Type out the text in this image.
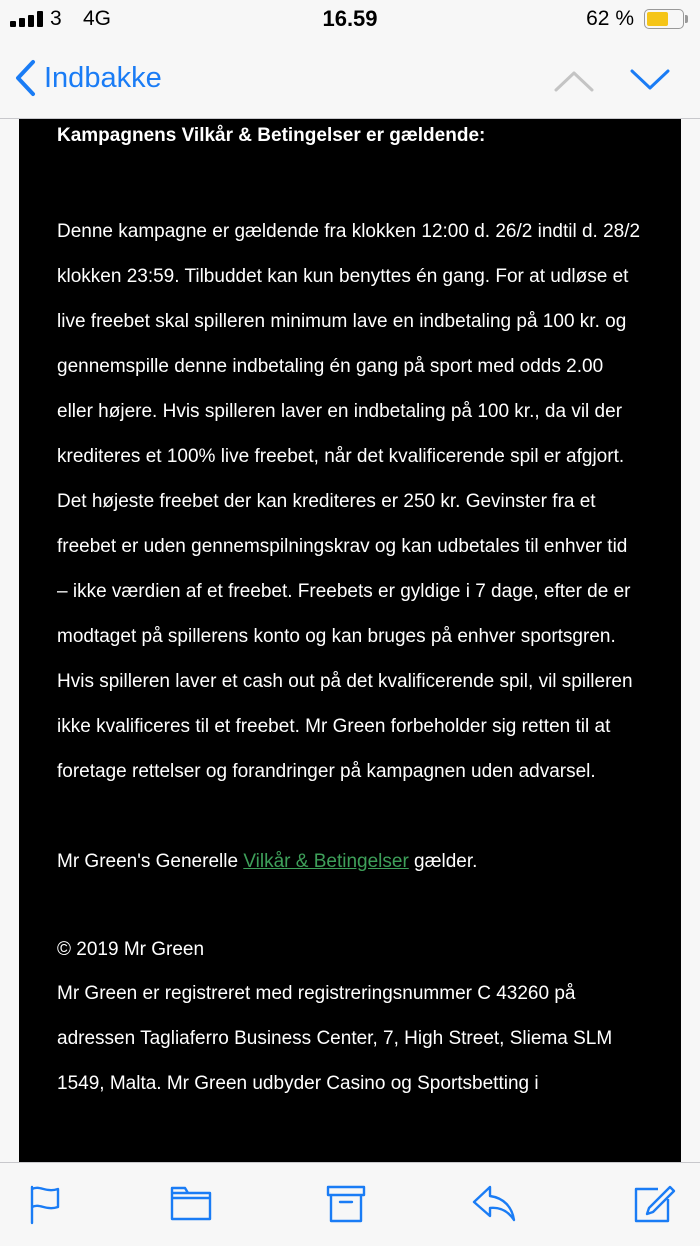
3 4G	16.59	62 %
Indbakke

Kampagnens Vilkår & Betingelser er gældende:

Denne kampagne er gældende fra klokken 12:00 d. 26/2 indtil d. 28/2 klokken 23:59. Tilbuddet kan kun benyttes én gang. For at udløse et live freebet skal spilleren minimum lave en indbetaling på 100 kr. og gennemspille denne indbetaling én gang på sport med odds 2.00 eller højere. Hvis spilleren laver en indbetaling på 100 kr., da vil der krediteres et 100% live freebet, når det kvalificerende spil er afgjort. Det højeste freebet der kan krediteres er 250 kr. Gevinster fra et freebet er uden gennemspilningskrav og kan udbetales til enhver tid – ikke værdien af et freebet. Freebets er gyldige i 7 dage, efter de er modtaget på spillerens konto og kan bruges på enhver sportsgren. Hvis spilleren laver et cash out på det kvalificerende spil, vil spilleren ikke kvalificeres til et freebet. Mr Green forbeholder sig retten til at foretage rettelser og forandringer på kampagnen uden advarsel.

Mr Green's Generelle Vilkår & Betingelser gælder.

© 2019 Mr Green

Mr Green er registreret med registreringsnummer C 43260 på adressen Tagliaferro Business Center, 7, High Street, Sliema SLM 1549, Malta. Mr Green udbyder Casino og Sportsbetting i
